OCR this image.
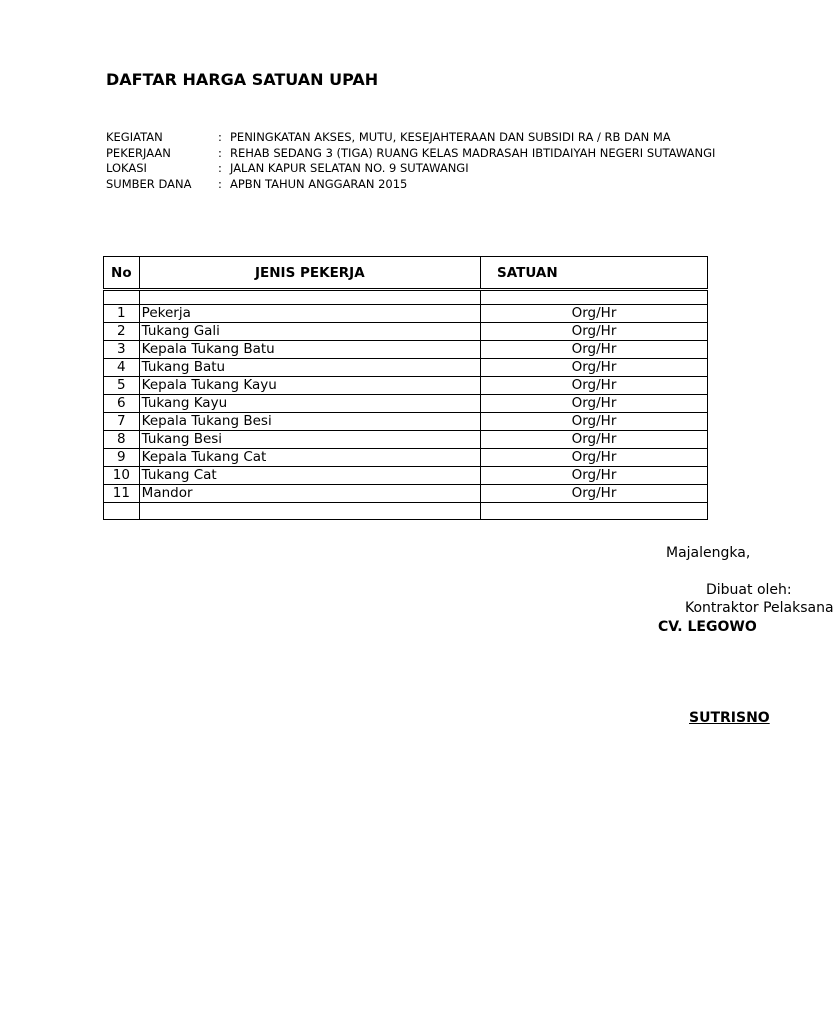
DAFTAR HARGA SATUAN UPAH
KEGIATAN	: PENINGKATAN AKSES, MUTU, KESEJAHTERAAN DAN SUBSIDI RA / RB DAN MA
PEKERJAAN	: REHAB SEDANG 3 (TIGA) RUANG KELAS MADRASAH IBTIDAIYAH NEGERI SUTAWANGI
LOKASI	: JALAN KAPUR SELATAN NO. 9 SUTAWANGI
SUMBER DANA : APBN TAHUN ANGGARAN 2015
No	JENIS PEKERJA	SATUAN

1	Pekerja	Org/Hr
2	Tukang Gali	Org/Hr
3	Kepala Tukang Batu	Org/Hr
4	Tukang Batu	Org/Hr
5	Kepala Tukang Kayu	Org/Hr
6	Tukang Kayu	Org/Hr
7	Kepala Tukang Besi	Org/Hr
8	Tukang Besi	Org/Hr
9	Kepala Tukang Cat	Org/Hr
10	Tukang Cat	Org/Hr
11	Mandor	Org/Hr

Majalengka,
Dibuat oleh:
Kontraktor Pelaksana
CV. LEGOWO
SUTRISNO
